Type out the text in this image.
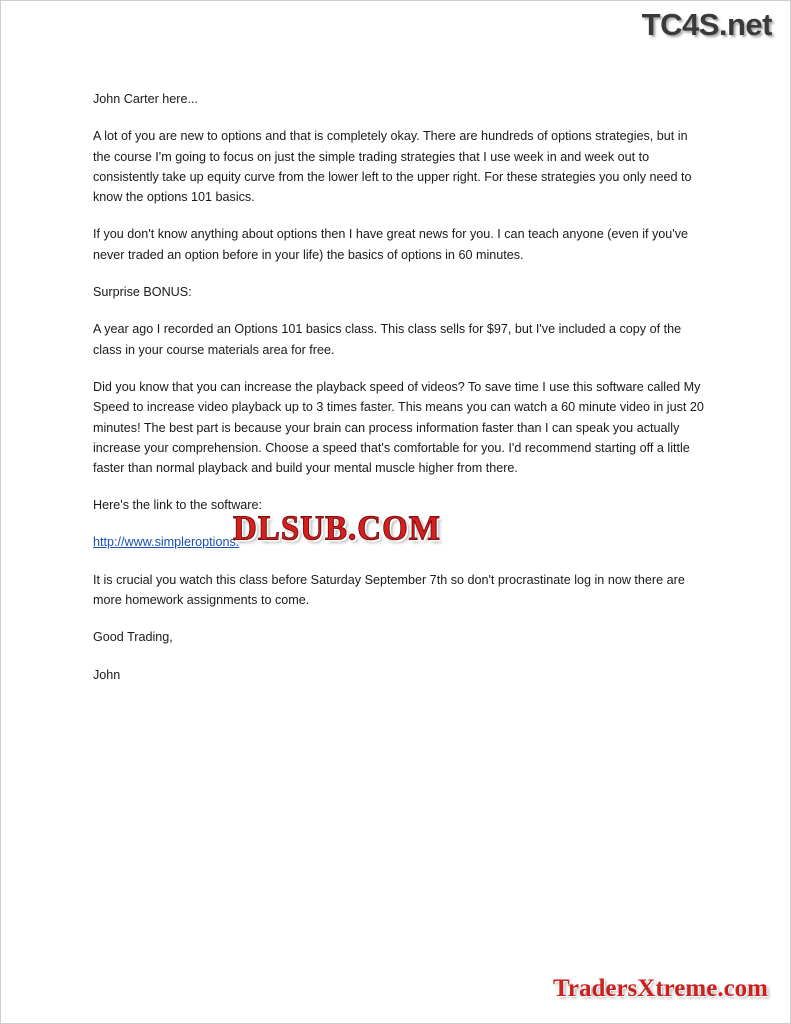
TC4S.net

John Carter here...

A lot of you are new to options and that is completely okay. There are hundreds of options strategies, but in the course I'm going to focus on just the simple trading strategies that I use week in and week out to consistently take up equity curve from the lower left to the upper right. For these strategies you only need to know the options 101 basics.

If you don't know anything about options then I have great news for you. I can teach anyone (even if you've never traded an option before in your life) the basics of options in 60 minutes.

Surprise BONUS:

A year ago I recorded an Options 101 basics class. This class sells for $97, but I've included a copy of the class in your course materials area for free.

Did you know that you can increase the playback speed of videos? To save time I use this software called My Speed to increase video playback up to 3 times faster. This means you can watch a 60 minute video in just 20 minutes! The best part is because your brain can process information faster than I can speak you actually increase your comprehension. Choose a speed that's comfortable for you. I'd recommend starting off a little faster than normal playback and build your mental muscle higher from there.

Here's the link to the software:

http://www.simpleroptions.
DLSUB.COM

It is crucial you watch this class before Saturday September 7th so don't procrastinate log in now there are more homework assignments to come.

Good Trading,

John

TradersXtreme.com
